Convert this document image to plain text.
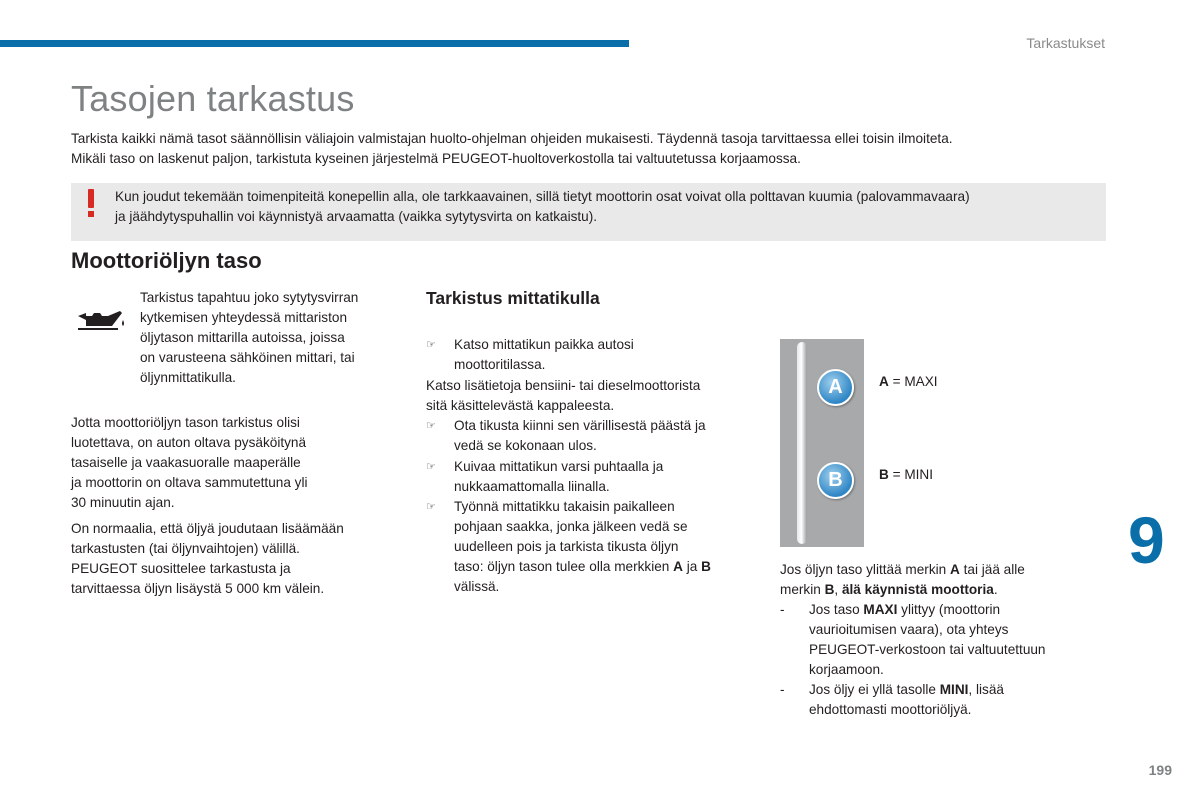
Tarkastukset
Tasojen tarkastus

Tarkista kaikki nämä tasot säännöllisin väliajoin valmistajan huolto-ohjelman ohjeiden mukaisesti. Täydennä tasoja tarvittaessa ellei toisin ilmoiteta.
Mikäli taso on laskenut paljon, tarkistuta kyseinen järjestelmä PEUGEOT-huoltoverkostolla tai valtuutetussa korjaamossa.

Kun joudut tekemään toimenpiteitä konepellin alla, ole tarkkaavainen, sillä tietyt moottorin osat voivat olla polttavan kuumia (palovammavaara)
ja jäähdytyspuhallin voi käynnistyä arvaamatta (vaikka sytytysvirta on katkaistu).

Moottoriöljyn taso

Tarkistus tapahtuu joko sytytysvirran
kytkemisen yhteydessä mittariston
öljytason mittarilla autoissa, joissa
on varusteena sähköinen mittari, tai
öljynmittatikulla.

Jotta moottoriöljyn tason tarkistus olisi
luotettava, on auton oltava pysäköitynä
tasaiselle ja vaakasuoralle maaperälle
ja moottorin on oltava sammutettuna yli
30 minuutin ajan.

On normaalia, että öljyä joudutaan lisäämään
tarkastusten (tai öljynvaihtojen) välillä.
PEUGEOT suosittelee tarkastusta ja
tarvittaessa öljyn lisäystä 5 000 km välein.

Tarkistus mittatikulla
☞	Katso mittatikun paikka autosi
moottoritilassa.

Katso lisätietoja bensiini- tai dieselmoottorista
sitä käsittelevästä kappaleesta.

☞	Ota tikusta kiinni sen värillisestä päästä ja
vedä se kokonaan ulos.
☞	Kuivaa mittatikun varsi puhtaalla ja
nukkaamattomalla liinalla.
☞	Työnnä mittatikku takaisin paikalleen
pohjaan saakka, jonka jälkeen vedä se
uudelleen pois ja tarkista tikusta öljyn
taso: öljyn tason tulee olla merkkien A ja B
välissä.
A
B
A = MAXI
B = MINI
9

Jos öljyn taso ylittää merkin A tai jää alle
merkin B, älä käynnistä moottoria.

-	Jos taso MAXI ylittyy (moottorin
vaurioitumisen vaara), ota yhteys
PEUGEOT-verkostoon tai valtuutettuun
korjaamoon.
-	Jos öljy ei yllä tasolle MINI, lisää
ehdottomasti moottoriöljyä.
199
